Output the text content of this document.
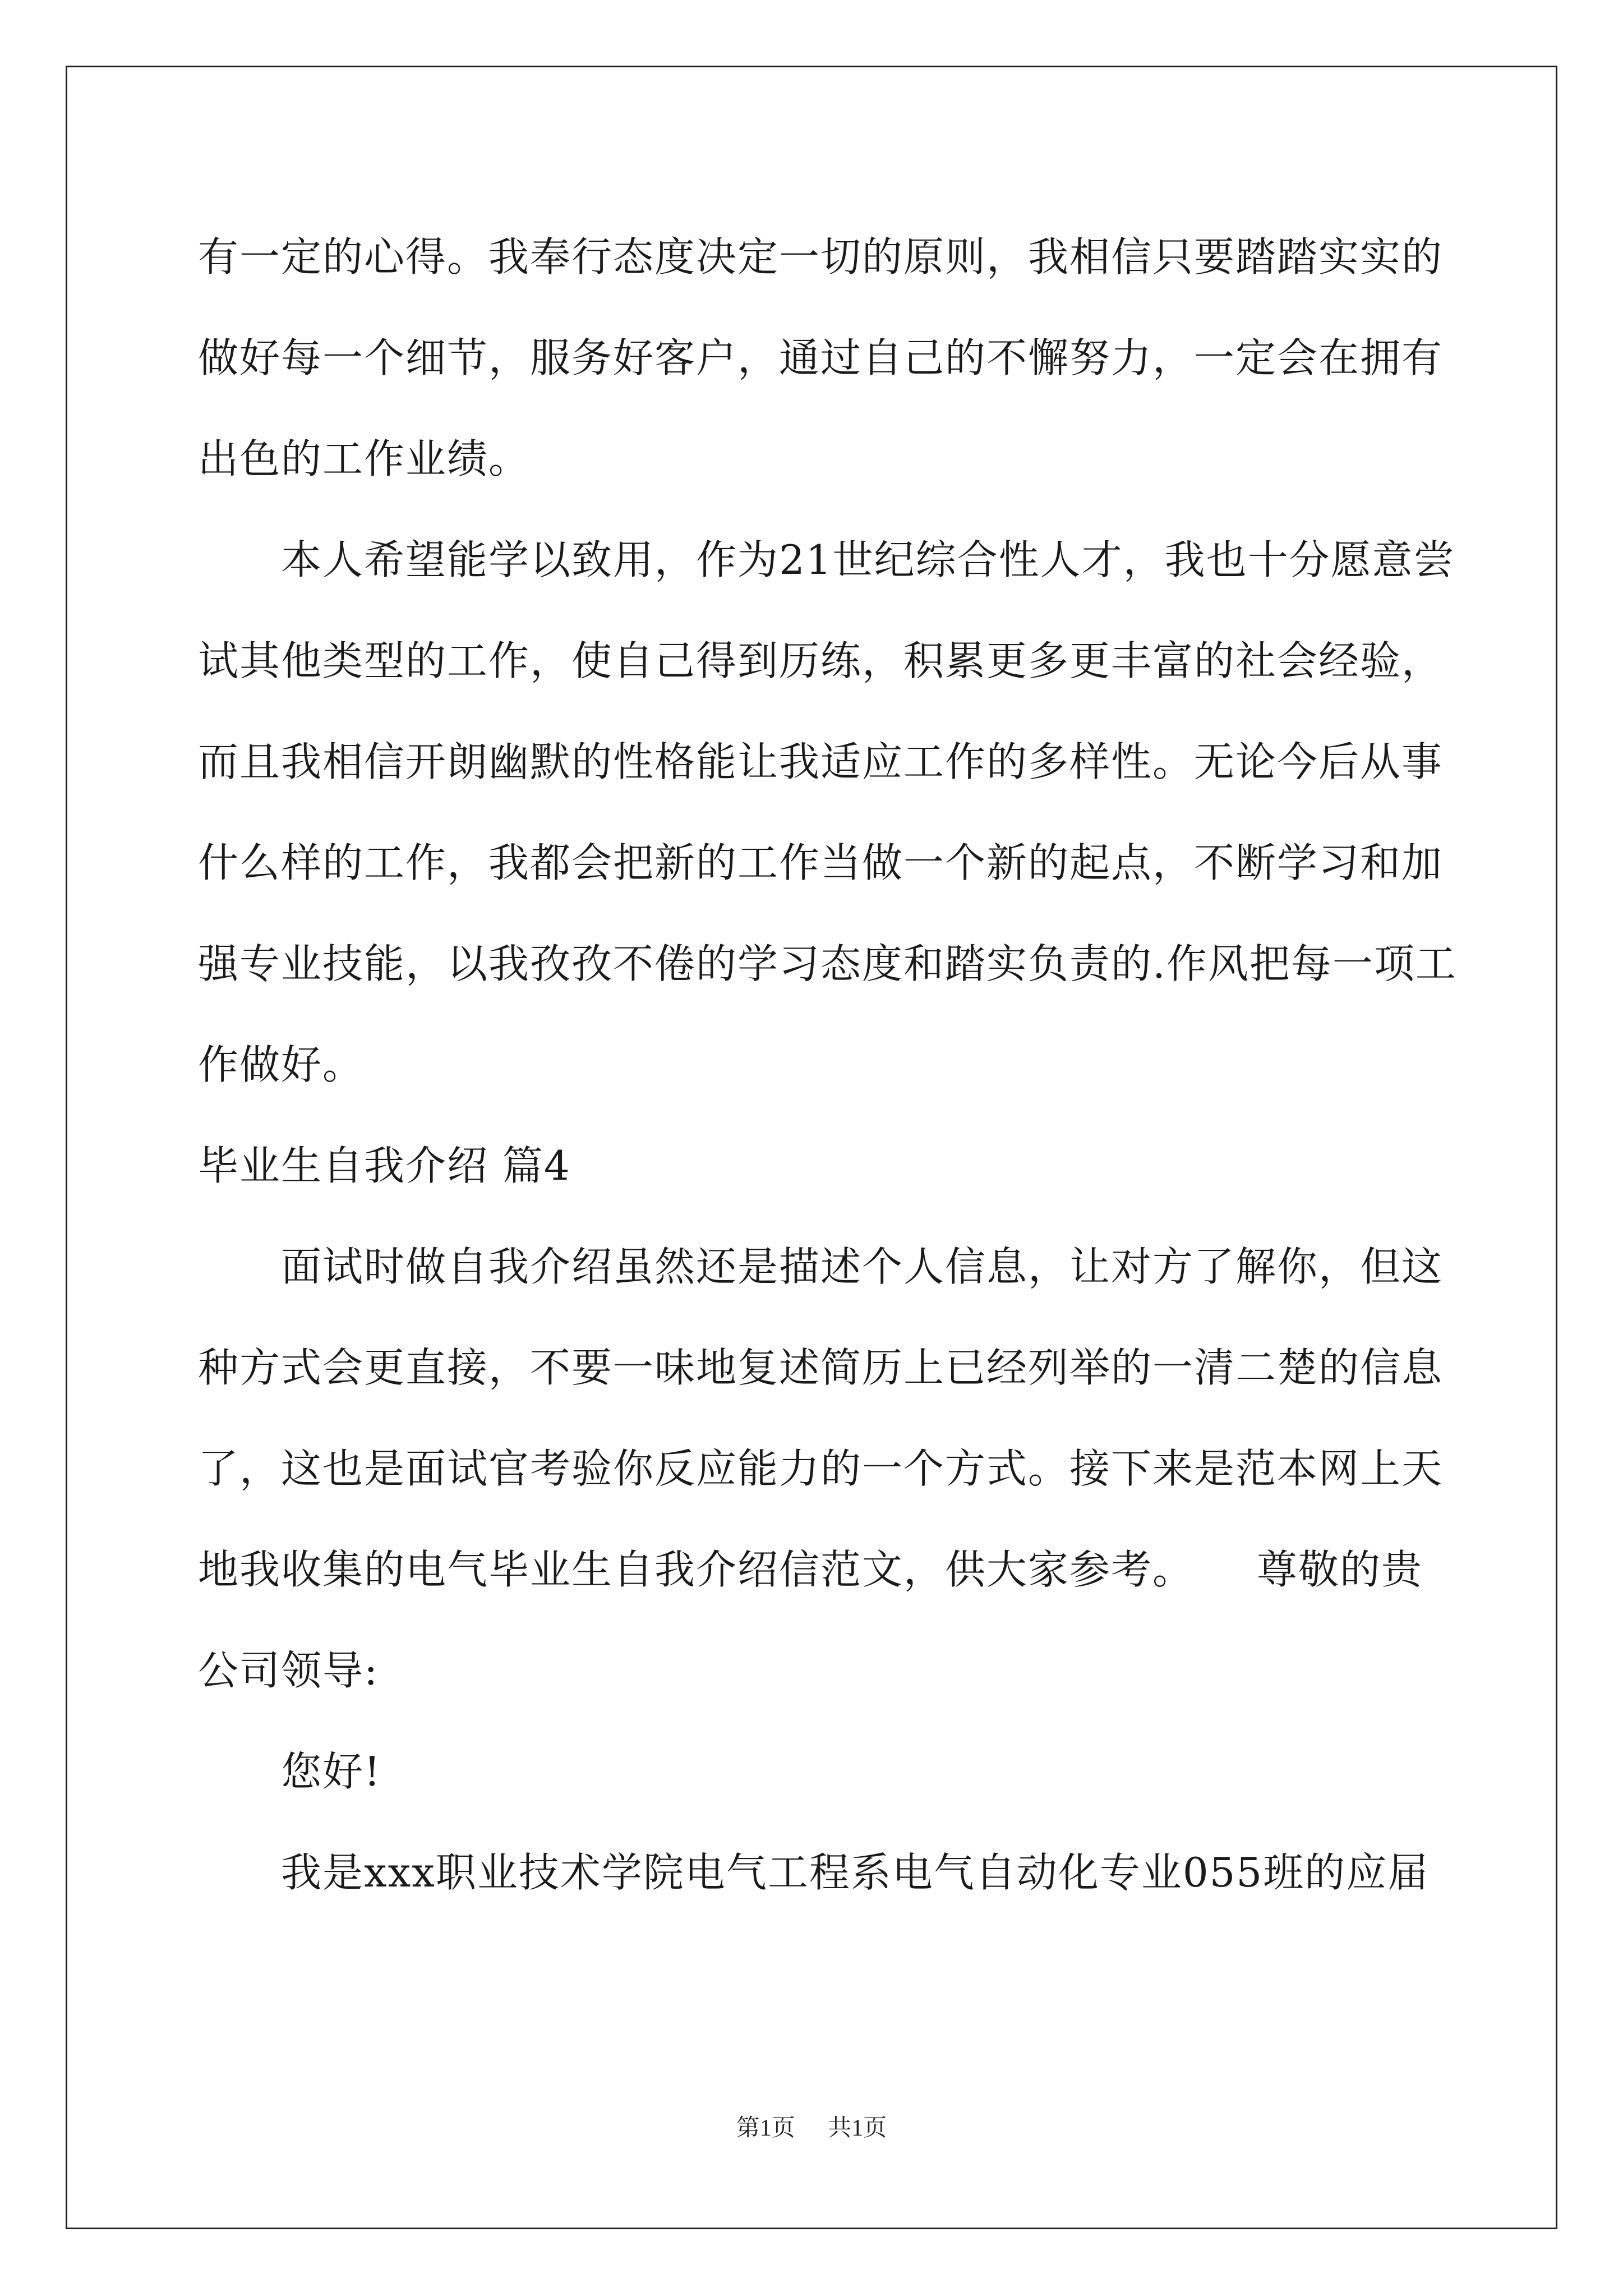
有一定的心得。我奉行态度决定一切的原则，我相信只要踏踏实实的
做好每一个细节，服务好客户，通过自己的不懈努力，一定会在拥有
出色的工作业绩。
本人希望能学以致用，作为21世纪综合性人才，我也十分愿意尝
试其他类型的工作，使自己得到历练，积累更多更丰富的社会经验，
而且我相信开朗幽默的性格能让我适应工作的多样性。无论今后从事
什么样的工作，我都会把新的工作当做一个新的起点，不断学习和加
强专业技能，以我孜孜不倦的学习态度和踏实负责的.作风把每一项工
作做好。
毕业生自我介绍 篇4
面试时做自我介绍虽然还是描述个人信息，让对方了解你，但这
种方式会更直接，不要一味地复述简历上已经列举的一清二楚的信息
了，这也是面试官考验你反应能力的一个方式。接下来是范本网上天
地我收集的电气毕业生自我介绍信范文，供大家参考。　　尊敬的贵
公司领导:
您好!
我是xxx职业技术学院电气工程系电气自动化专业055班的应届
第1页 共1页
